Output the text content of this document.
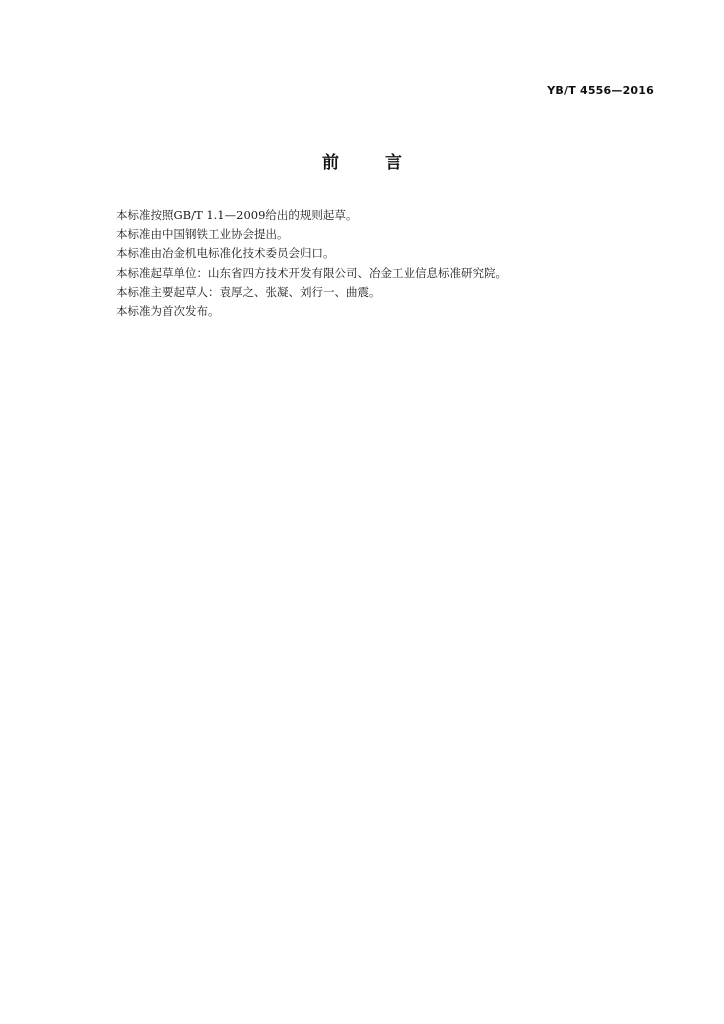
YB/T 4556—2016
前	言
本标准按照GB/T 1.1—2009给出的规则起草。
本标准由中国钢铁工业协会提出。
本标准由冶金机电标准化技术委员会归口。
本标准起草单位：山东省四方技术开发有限公司、冶金工业信息标准研究院。
本标准主要起草人：袁厚之、张凝、刘行一、曲震。
本标准为首次发布。
